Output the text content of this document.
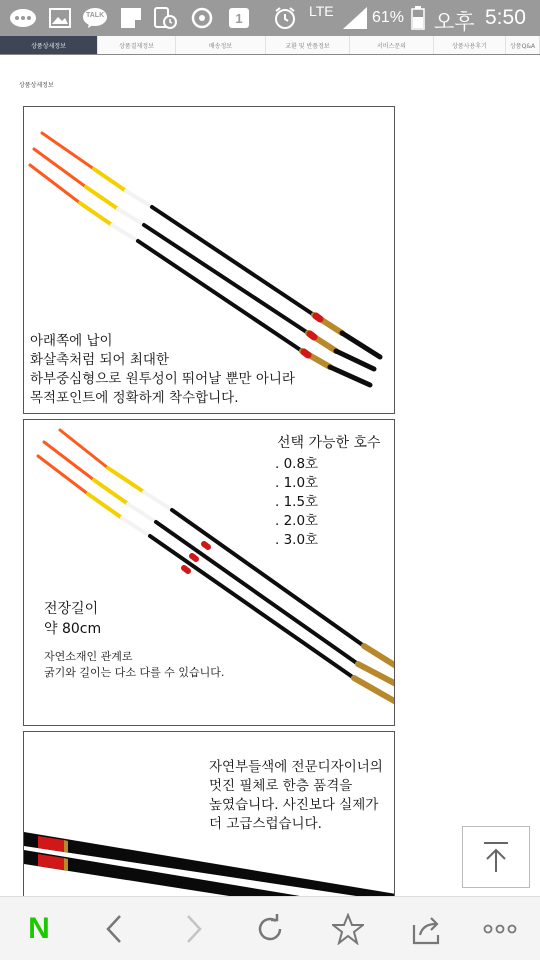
TALK	1	LTE 61% 오후 5:50
상품상세정보	상품결제정보	배송정보	교환 및 반품정보	서비스문의	상품사용후기	상품Q&A
상품상세정보
아래쪽에 납이
화살촉처럼 되어 최대한
하부중심형으로 원투성이 뛰어날 뿐만 아니라
목적포인트에 정확하게 착수합니다.
선택 가능한 호수
. 0.8호
. 1.0호
. 1.5호
. 2.0호
. 3.0호
전장길이
약 80cm
자연소재인 관계로
굵기와 길이는 다소 다를 수 있습니다.
자연부들색에 전문디자이너의
멋진 필체로 한층 품격을
높였습니다. 사진보다 실제가
더 고급스럽습니다.
N
